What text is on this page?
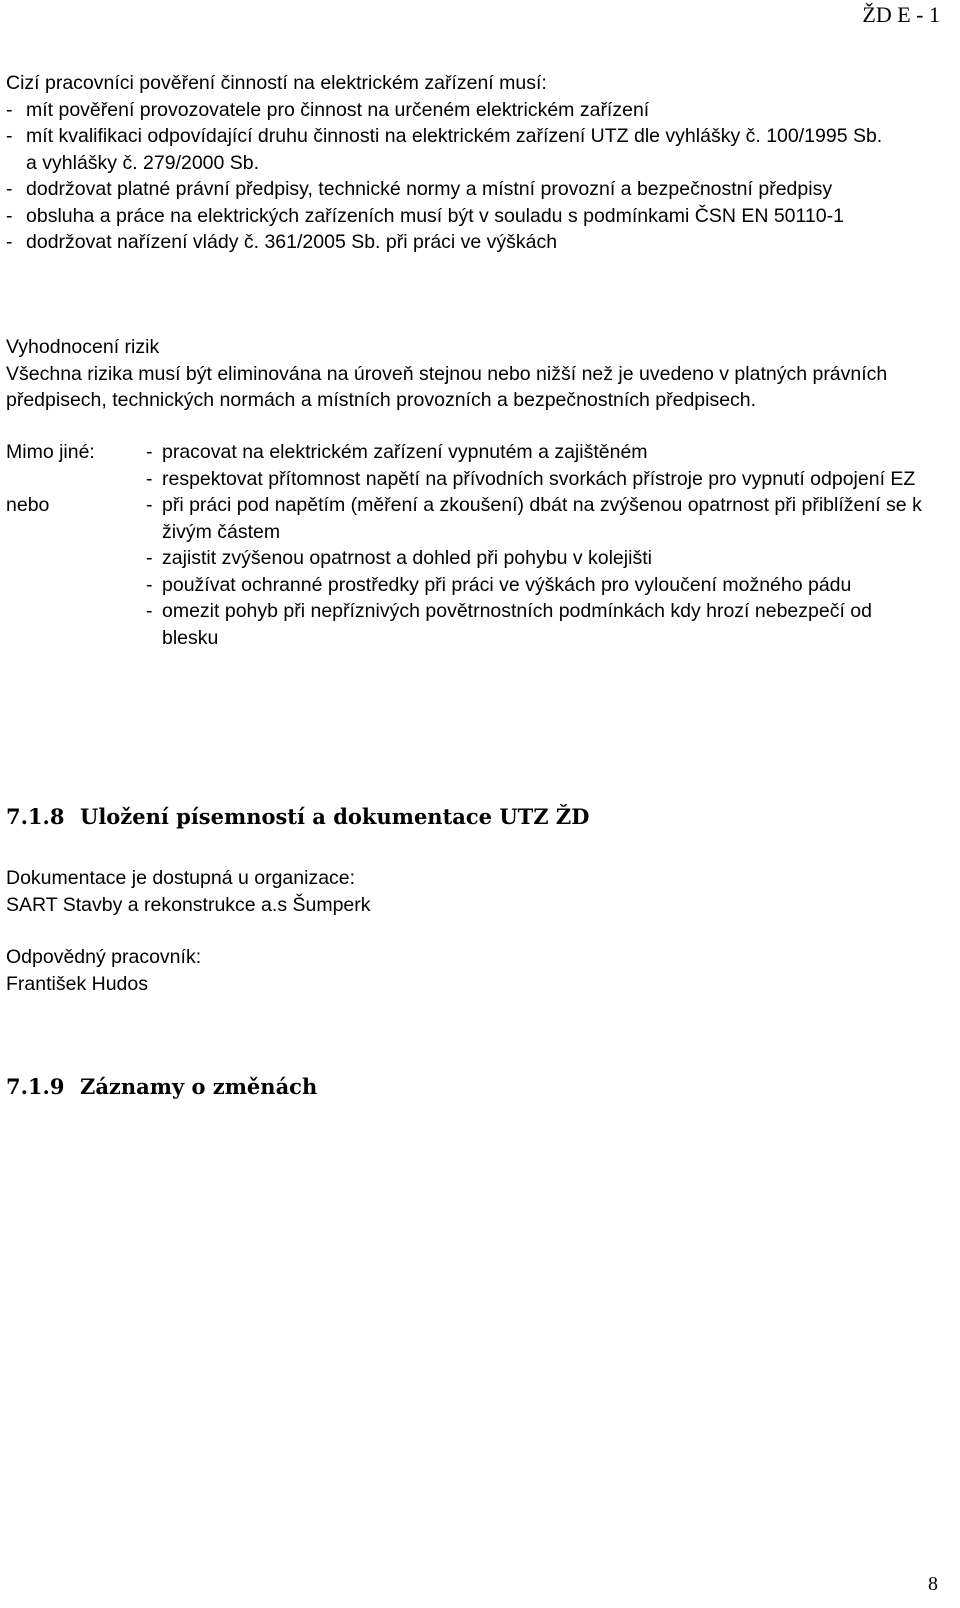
ŽD E - 1
Cizí pracovníci pověření činností na elektrickém zařízení musí:
- mít pověření provozovatele pro činnost na určeném elektrickém zařízení
- mít kvalifikaci odpovídající druhu činnosti na elektrickém zařízení UTZ dle vyhlášky č. 100/1995 Sb. a vyhlášky č. 279/2000 Sb.
- dodržovat platné právní předpisy, technické normy a místní provozní a bezpečnostní předpisy
- obsluha a práce na elektrických zařízeních musí být v souladu s podmínkami ČSN EN 50110-1
- dodržovat nařízení vlády č. 361/2005 Sb. při práci ve výškách
Vyhodnocení rizik
Všechna rizika musí být eliminována na úroveň stejnou nebo nižší než je uvedeno v platných právních předpisech, technických normách a místních provozních a bezpečnostních předpisech.
Mimo jiné:
nebo
- pracovat na elektrickém zařízení vypnutém a zajištěném
- respektovat přítomnost napětí na přívodních svorkách přístroje pro vypnutí odpojení EZ
- při práci pod napětím (měření a zkoušení) dbát na zvýšenou opatrnost při přiblížení se k živým částem
- zajistit zvýšenou opatrnost a dohled při pohybu v kolejišti
- používat ochranné prostředky při práci ve výškách pro vyloučení možného pádu
- omezit pohyb při nepříznivých povětrnostních podmínkách kdy hrozí nebezpečí od blesku
7.1.8 Uložení písemností a dokumentace UTZ ŽD
Dokumentace je dostupná u organizace:
SART Stavby a rekonstrukce a.s Šumperk
Odpovědný pracovník:
František Hudos
7.1.9 Záznamy o změnách
8
